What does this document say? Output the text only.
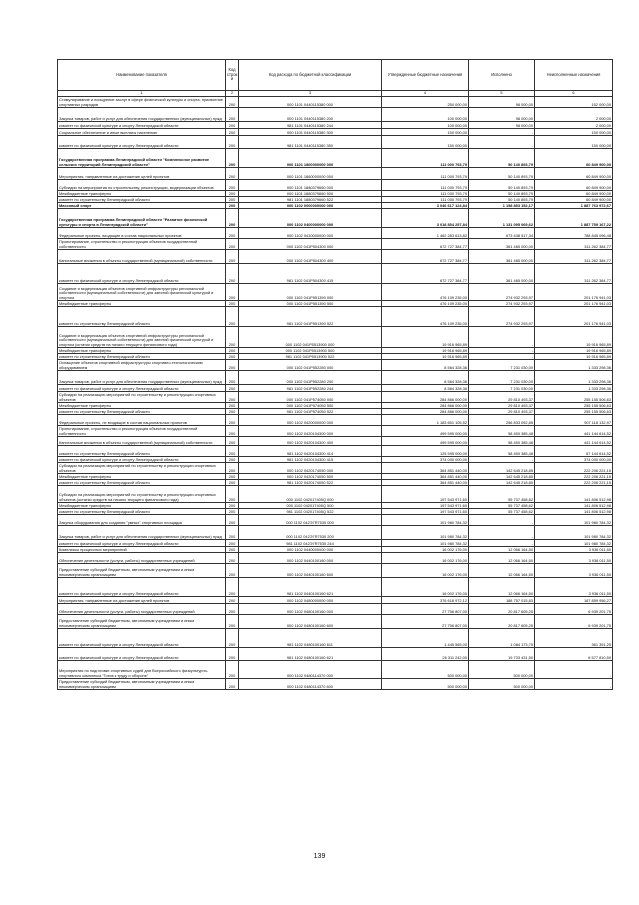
Наименование показателя	Код строк и	Код расхода по бюджетной классификации	Утвержденные бюджетные назначения	Исполнено	Неисполненные назначения
1	2	3	4	5	6
Стимулирование и поощрение заслуг в сфере физической культуры и спорта, присвоение спортивных разрядов	200	000 1101 0440115380 000	250 000,00	98 000,00	152 000,00
Закупка товаров, работ и услуг для обеспечения государственных (муниципальных) нужд	200	000 1101 0440115380 200	100 000,00	98 000,00	2 000,00
комитет по физической культуре и спорту Ленинградской области	200	981 1101 0440115380 244	100 000,00	98 000,00	2 000,00
Социальное обеспечение и иные выплаты населению	200	000 1101 0440115380 300	150 000,00	-	150 000,00
комитет по физической культуре и спорту Ленинградской области	200	981 1101 0440115380 350	150 000,00	-	150 000,00
Государственная программа Ленинградской области "Комплексное развитие сельских территорий Ленинградской области"	200	000 1101 1800000000 000	111 000 793,79	50 140 893,79	60 849 900,00
Мероприятия, направленные на достижение целей проектов	200	000 1101 1860000000 000	111 000 793,79	50 140 893,79	60 849 900,00
Субсидии на мероприятия по строительству, реконструкции, модернизации объектов	200	000 1101 1880379660 000	111 000 793,79	50 140 893,79	60 849 900,00
Межбюджетные трансферты	200	000 1101 1880379660 500	111 000 793,79	50 140 893,79	60 849 900,00
комитет по строительству Ленинградской области	200	981 1101 1880379660 522	111 000 793,79	50 140 893,79	60 849 900,00
Массовый спорт	200	000 1102 0000000000 000	3 046 617 124,84	1 158 853 152,17	1 887 763 972,67
Государственная программа Ленинградской области "Развитие физической культуры и спорта в Ленинградской области"	200	000 1102 0400000000 000	3 018 854 257,84	1 131 095 069,62	1 887 759 167,22
Федеральные проекты, входящие в состав национальных проектов	200	000 1102 0410000000 000	1 462 283 613,82	673 438 517,34	788 845 096,48
Проектирование, строительство и реконструкция объектов государственной собственности	200	000 1102 041P504300 000	672 727 384,77	361 465 000,00	311 262 384,77
Капитальные вложения в объекты государственной (муниципальной) собственности	200	000 1102 041P504300 400	672 727 384,77	361 465 000,00	311 262 384,77
комитет по физической культуре и спорту Ленинградской области	200	981 1102 041P504300 415	672 727 384,77	361 465 000,00	311 262 384,77
Создание и модернизация объектов спортивной инфраструктуры региональной собственности (муниципальной собственности) для занятий физической культурой и спортом	200	000 1102 041P551390 000	476 109 235,00	274 932 293,97	201 176 941,03
Межбюджетные трансферты	200	000 1102 041P551390 500	476 109 235,00	274 932 293,97	201 176 941,03
комитет по строительству Ленинградской области	200	981 1102 041P551390 522	476 109 235,00	274 932 293,97	201 176 941,03
Создание и модернизация объектов спортивной инфраструктуры региональной собственности (муниципальной собственности) для занятий физической культурой и спортом (остатки средств на начало текущего финансового года)	200	000 1102 041P5513900 000	19 916 965,89	-	19 916 965,89
Межбюджетные трансферты	200	000 1102 041P5513900 500	19 916 965,89	-	19 916 965,89
комитет по строительству Ленинградской области	200	981 1102 041P5513900 522	19 916 965,89	-	19 916 965,89
Оснащение объектов спортивной инфраструктуры спортивно-технологическим оборудованием	200	000 1102 041P552280 000	8 564 328,36	7 231 030,00	1 333 298,36
Закупка товаров, работ и услуг для обеспечения государственных (муниципальных) нужд	200	000 1102 041P552280 200	8 564 328,36	7 231 030,00	1 333 298,36
комитет по физической культуре и спорту Ленинградской области	200	981 1102 041P552280 244	8 564 328,36	7 231 030,00	1 333 298,36
Субсидии на реализацию мероприятий по строительству и реконструкции спортивных объектов	200	000 1102 041P574050 000	284 866 000,00	29 810 493,37	255 155 506,63
Межбюджетные трансферты	200	000 1102 041P574050 500	284 866 000,00	29 810 493,37	255 155 506,63
комитет по строительству Ленинградской области	200	981 1102 041P574050 522	284 866 000,00	29 810 493,37	255 155 506,63
Федеральные проекты, не входящие в состав национальных проектов	200	000 1102 0420000000 000	1 183 651 105,52	256 833 092,85	907 118 132,97
Проектирование, строительство и реконструкция объектов государственной собственности	200	000 1102 0420104300 000	499 595 000,00	58 450 385,48	441 144 614,52
Капитальные вложения в объекты государственной (муниципальной) собственности	200	000 1102 0420104300 400	499 595 000,00	58 450 385,48	441 144 614,52
комитет по строительству Ленинградской области	200	981 1102 0420104300 414	125 595 000,00	58 450 385,48	67 144 614,52
комитет по физической культуре и спорту Ленинградской области	200	981 1102 0420104300 415	374 000 000,00	-	374 000 000,00
Субсидии на реализацию мероприятий по строительству и реконструкции спортивных объектов	200	000 1102 0420174050 000	364 851 440,00	142 645 218,85	222 206 221,15
Межбюджетные трансферты	200	000 1102 0420174050 500	364 851 440,00	142 645 218,85	222 206 221,15
комитет по строительству Ленинградской области	200	981 1102 0420174050 522	364 851 440,00	142 645 218,85	222 206 221,15
Субсидии на реализацию мероприятий по строительству и реконструкции спортивных объектов (остатки средств на начало текущего финансового года)	200	000 1102 042017405Q 000	197 543 971,60	55 737 458,62	141 806 512,98
Межбюджетные трансферты	200	000 1102 042017405Q 500	197 543 971,60	55 737 458,62	141 806 512,98
комитет по строительству Ленинградской области	200	981 1102 042017405Q 522	197 543 971,60	55 737 458,62	141 806 512,98
Закупка оборудования для создания "умных" спортивных площадок	200	000 1102 042Э7R7530 000	101 980 784,32	-	101 980 784,32
Закупка товаров, работ и услуг для обеспечения государственных (муниципальных) нужд	200	000 1102 042Э7R7530 200	101 980 784,32	-	101 980 784,32
комитет по физической культуре и спорту Ленинградской области	200	981 1102 042Э7R7530 244	101 980 784,32	-	101 980 784,32
Комплексы процессных мероприятий	200	000 1102 0440000000 000	16 002 176,00	12 066 164,50	3 936 011,50
Обеспечение деятельности (услуги, работы) государственных учреждений	200	000 1102 0440100160 000	16 002 176,00	12 066 164,50	3 936 011,50
Предоставление субсидий бюджетным, автономным учреждениям и иным некоммерческим организациям	200	000 1102 0440100160 600	16 002 176,00	12 066 164,50	3 936 011,50
комитет по физической культуре и спорту Ленинградской области	200	981 1102 0440100160 621	16 002 176,00	12 066 164,50	3 936 011,50
Мероприятия, направленные на достижение целей проектов	200	000 1102 0480000000 000	376 616 972,12	188 757 015,83	187 859 956,27
Обеспечение деятельности (услуги, работы) государственных учреждений	200	000 1102 0480100160 000	27 756 807,00	20 817 605,25	6 939 201,75
Предоставление субсидий бюджетным, автономным учреждениям и иным некоммерческим организациям	200	000 1102 0480100160 600	27 756 807,00	20 817 605,25	6 939 201,75
комитет по физической культуре и спорту Ленинградской области	200	981 1102 0480100160 611	1 445 565,00	1 084 173,75	361 391,25
комитет по физической культуре и спорту Ленинградской области	200	981 1102 0480100160 621	26 311 242,00	19 733 431,50	6 577 810,50
Мероприятия по подготовке спортивных судей для Всероссийского физкультурно-спортивного комплекса "Готов к труду и обороне"	200	000 1102 0480114370 000	500 000,00	500 000,00	-
Предоставление субсидий бюджетным, автономным учреждениям и иным некоммерческим организациям	200	000 1102 0480114370 600	500 000,00	500 000,00	-
139
